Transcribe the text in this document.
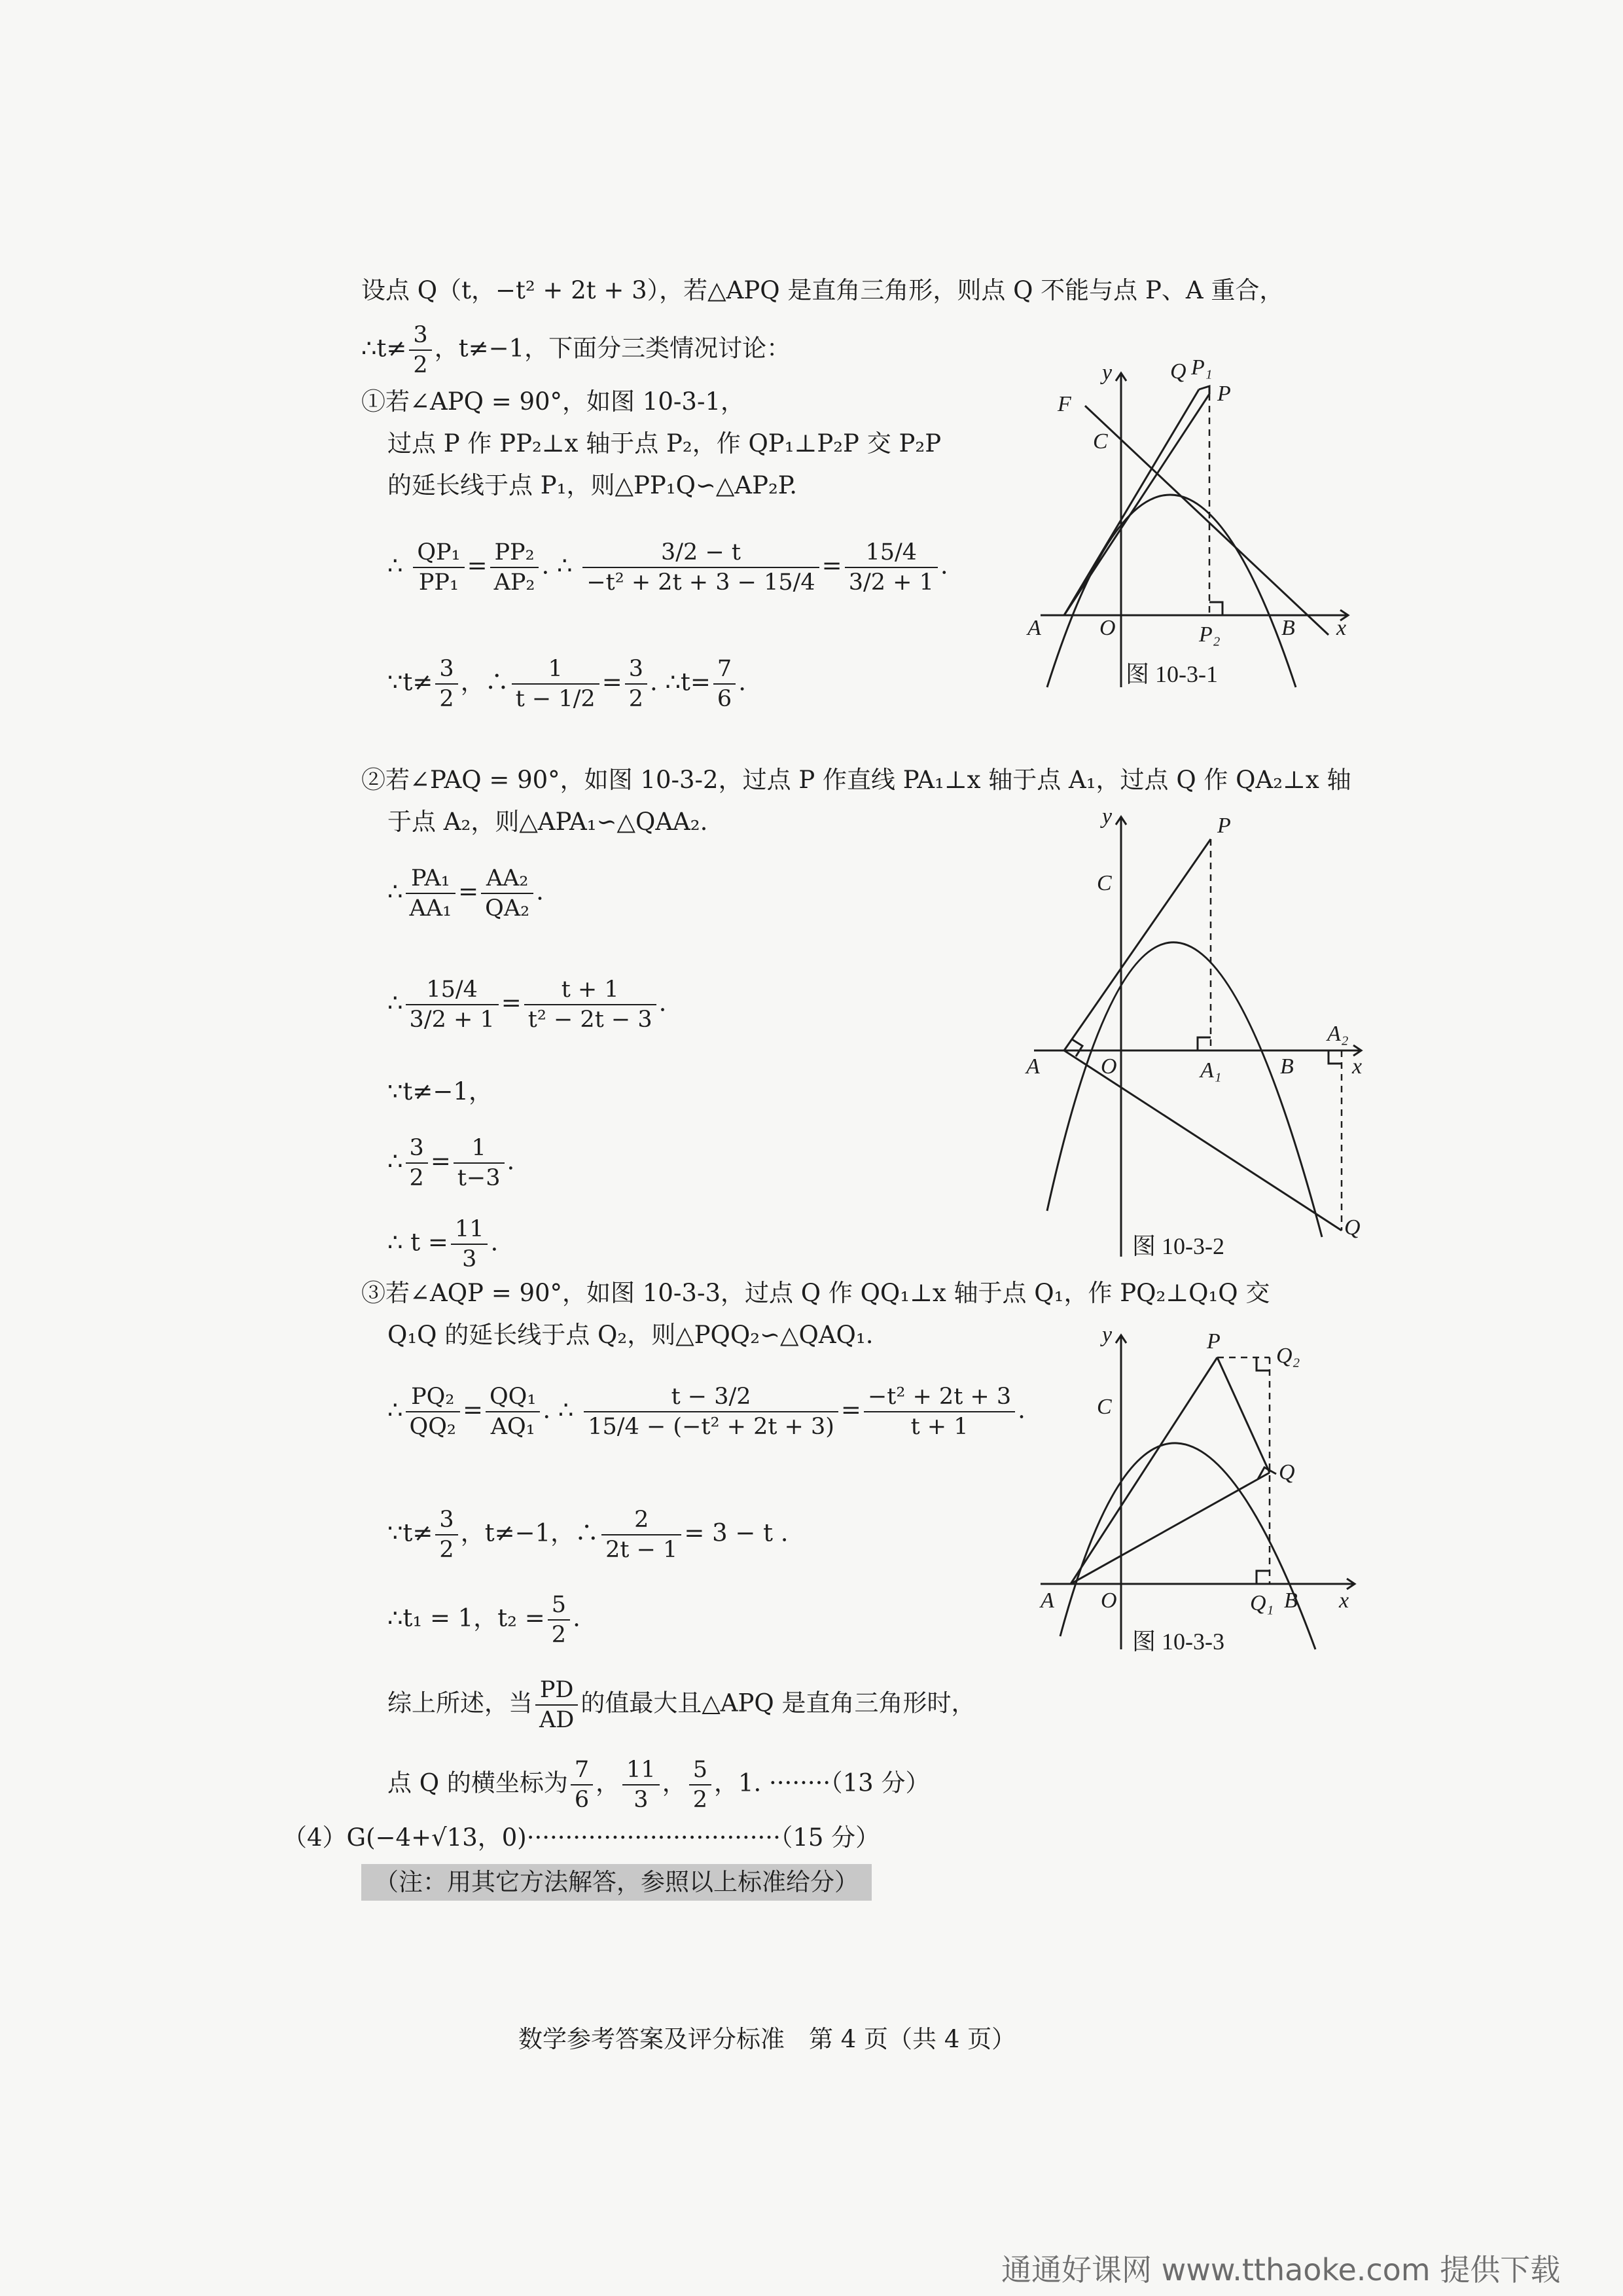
设点 Q（t，−t² + 2t + 3），若△APQ 是直角三角形，则点 Q 不能与点 P、A 重合，
∴t≠ $\frac{3}{2}$ ，t≠−1，下面分三类情况讨论：
①若∠APQ = 90°，如图 10-3-1，
过点 P 作 PP₂⊥x 轴于点 P₂，作 QP₁⊥P₂P 交 P₂P
的延长线于点 P₁，则△PP₁Q∽△AP₂P.
∴ $\frac{\text{QP₁}}{\text{PP₁}} = \frac{\text{PP₂}}{\text{AP₂}}$ . ∴ $\frac{3/2 - t}{\text{−t² + 2t + 3 − 15/4}} = \frac{15/4}{3/2 + 1}$ .
∵t≠ $\frac{3}{2}$ ，∴ $\frac{1}{t - 1/2} = \frac{3}{2}$ . ∴t= $\frac{7}{6}$ .
②若∠PAQ = 90°，如图 10-3-2，过点 P 作直线 PA₁⊥x 轴于点 A₁，过点 Q 作 QA₂⊥x 轴
于点 A₂，则△APA₁∽△QAA₂.
∴ $\frac{\text{PA₁}}{\text{AA₁}} = \frac{\text{AA₂}}{\text{QA₂}}$ .
∴ $\frac{15/4}{3/2 + 1} = \frac{t + 1}{\text{t² − 2t − 3}}$ .
∵t≠−1，
∴ $\frac{3}{2} = \frac{1}{t-3}$ .
∴ $t = \frac{11}{3}$ .
③若∠AQP = 90°，如图 10-3-3，过点 Q 作 QQ₁⊥x 轴于点 Q₁，作 PQ₂⊥Q₁Q 交
Q₁Q 的延长线于点 Q₂，则△PQQ₂∽△QAQ₁.
∴ $\frac{\text{PQ₂}}{\text{QQ₂}} = \frac{\text{QQ₁}}{\text{AQ₁}}$ . ∴ $\frac{t - 3/2}{\text{15/4 − (−t² + 2t + 3)}} = \frac{\text{−t² + 2t + 3}}{t + 1}$ .
∵t≠ $\frac{3}{2}$ ，t≠−1，∴ $\frac{2}{2t - 1} = 3 - t$ .
∴t₁ = 1，$t_2 = \frac{5}{2}$ .
综上所述，当 $\frac{PD}{AD}$ 的值最大且△APQ 是直角三角形时，
点 Q 的横坐标为 $\frac{7}{6}$ ， $\frac{11}{3}$ ， $\frac{5}{2}$ ，1. ········（13 分）
（4）G(−4+√13，0)·································（15 分）
（注：用其它方法解答，参照以上标准给分）
数学参考答案及评分标准　第 4 页（共 4 页）
通通好课网 www.tthaoke.com 提供下载
A	O	P₂	B x
y
C
F
Q P₁
P
图 10-3-1
A	O	A₁	B
A₂
x
y
C
P
Q
图 10-3-2
A O	Q₁ B x
y
C
P
Q₂
Q
图 10-3-3
